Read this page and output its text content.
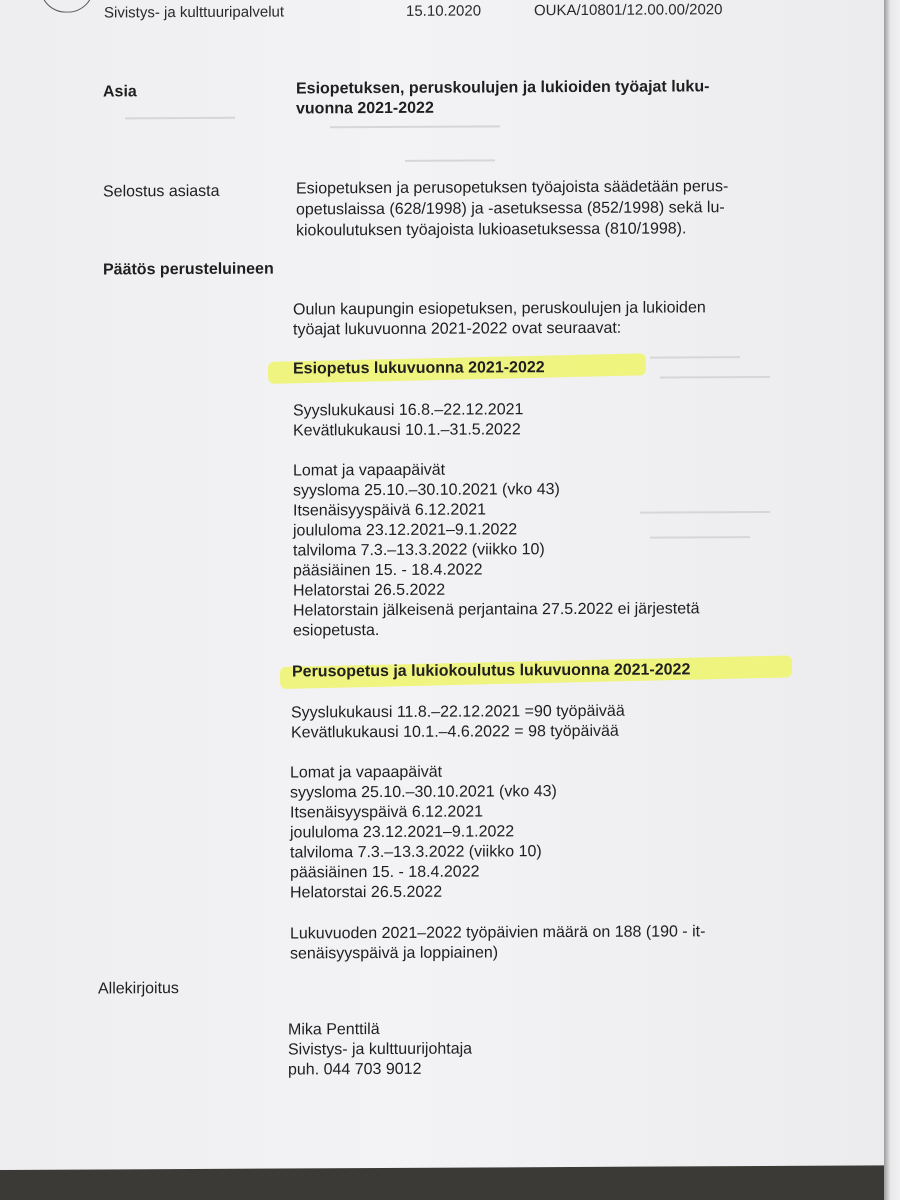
Sivistys- ja kulttuuripalvelut	15.10.2020	OUKA/10801/12.00.00/2020
Asia	Esiopetuksen, peruskoulujen ja lukioiden työajat luku-
vuonna 2021-2022
Selostus asiasta	Esiopetuksen ja perusopetuksen työajoista säädetään perus-
opetuslaissa (628/1998) ja -asetuksessa (852/1998) sekä lu-
kiokoulutuksen työajoista lukioasetuksessa (810/1998).
Päätös perusteluineen
Oulun kaupungin esiopetuksen, peruskoulujen ja lukioiden
työajat lukuvuonna 2021-2022 ovat seuraavat:
Esiopetus lukuvuonna 2021-2022
Syyslukukausi 16.8.–22.12.2021
Kevätlukukausi 10.1.–31.5.2022
Lomat ja vapaapäivät
syysloma 25.10.–30.10.2021 (vko 43)
Itsenäisyyspäivä 6.12.2021
joululoma 23.12.2021–9.1.2022
talviloma 7.3.–13.3.2022 (viikko 10)
pääsiäinen 15. - 18.4.2022
Helatorstai 26.5.2022
Helatorstain jälkeisenä perjantaina 27.5.2022 ei järjestetä
esiopetusta.
Perusopetus ja lukiokoulutus lukuvuonna 2021-2022
Syyslukukausi 11.8.–22.12.2021 =90 työpäivää
Kevätlukukausi 10.1.–4.6.2022 = 98 työpäivää
Lomat ja vapaapäivät
syysloma 25.10.–30.10.2021 (vko 43)
Itsenäisyyspäivä 6.12.2021
joululoma 23.12.2021–9.1.2022
talviloma 7.3.–13.3.2022 (viikko 10)
pääsiäinen 15. - 18.4.2022
Helatorstai 26.5.2022
Lukuvuoden 2021–2022 työpäivien määrä on 188 (190 - it-
senäisyyspäivä ja loppiainen)
Allekirjoitus
Mika Penttilä
Sivistys- ja kulttuurijohtaja
puh. 044 703 9012
